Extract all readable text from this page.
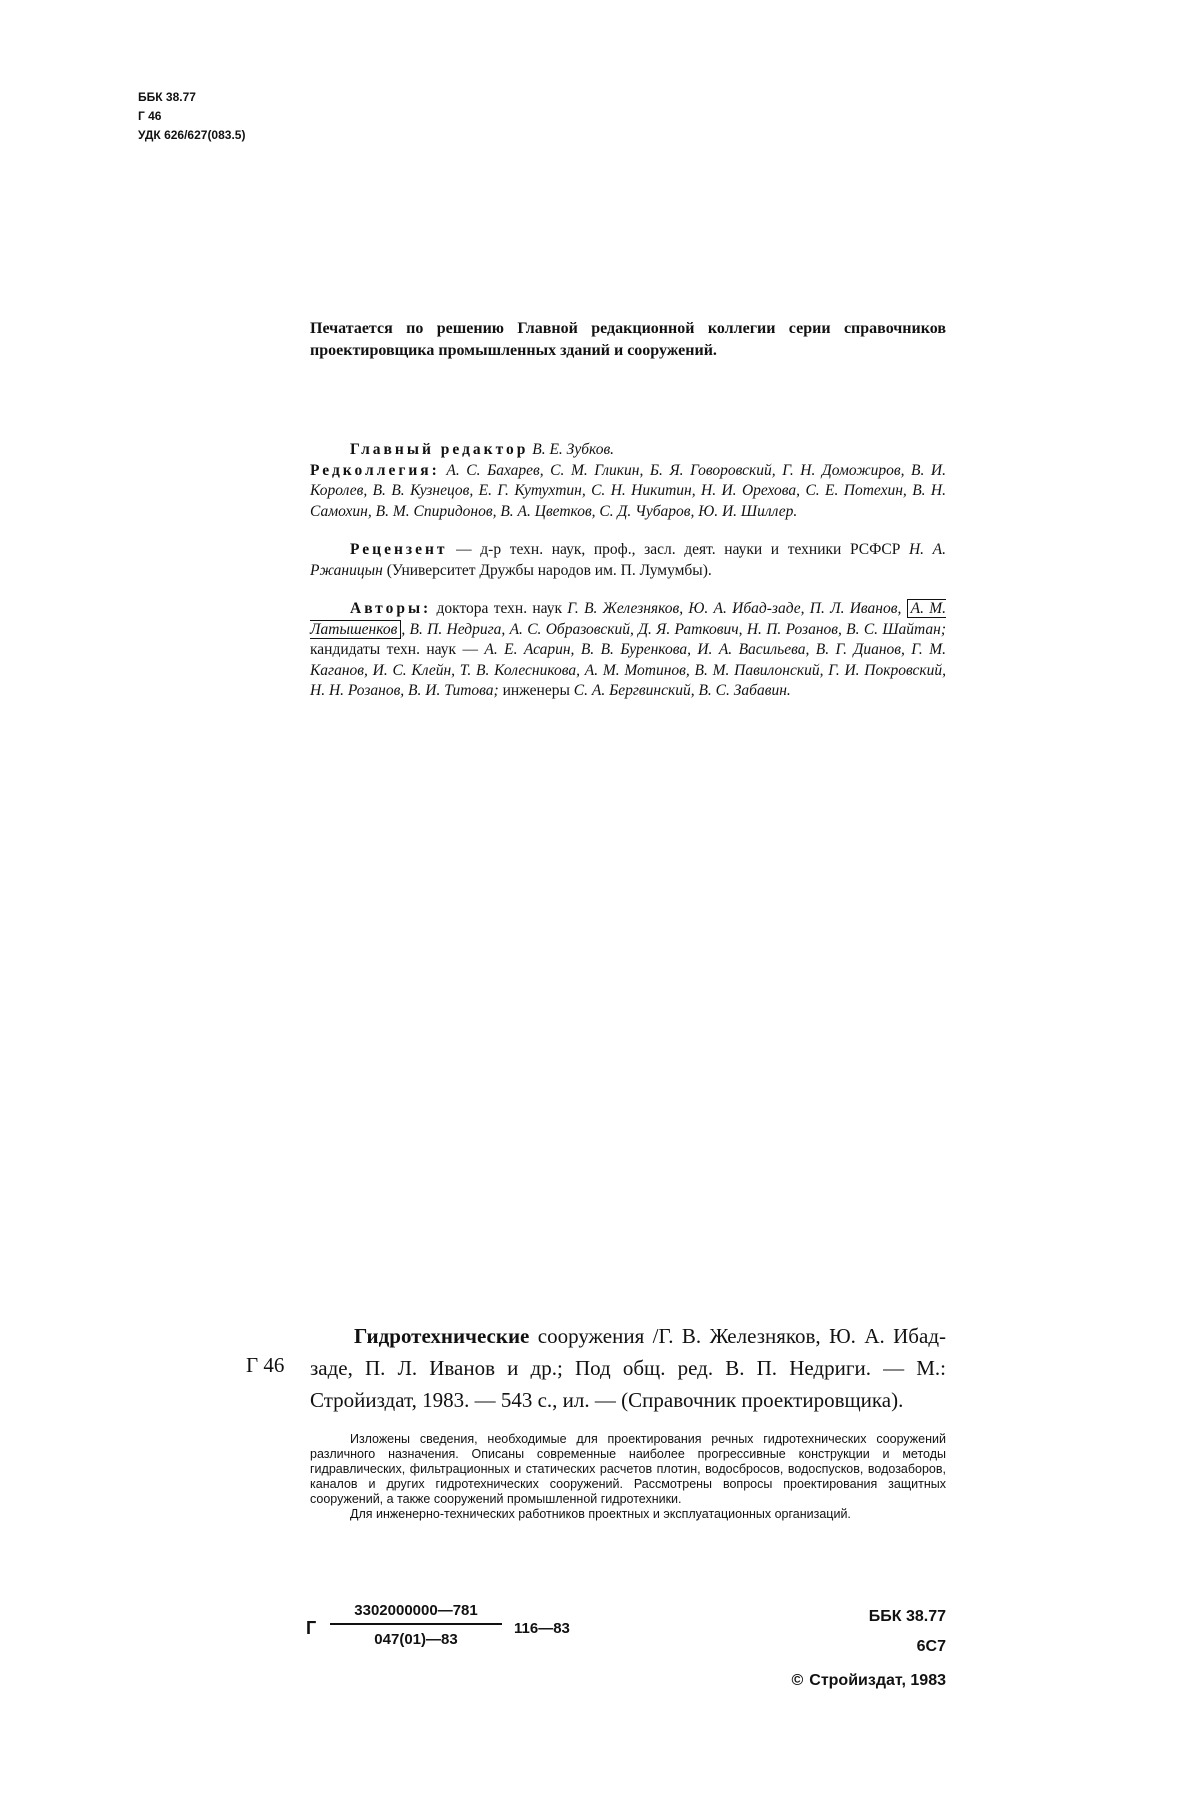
ББК 38.77
Г 46
УДК 626/627(083.5)
Печатается по решению Главной редакционной коллегии серии справочников проектировщика промышленных зданий и сооружений.

Главный редактор В. Е. Зубков.
Редколлегия: А. С. Бахарев, С. М. Гликин, Б. Я. Говоровский, Г. Н. Доможиров, В. И. Королев, В. В. Кузнецов, Е. Г. Кутухтин, С. Н. Никитин, Н. И. Орехова, С. Е. Потехин, В. Н. Самохин, В. М. Спиридонов, В. А. Цветков, С. Д. Чубаров, Ю. И. Шиллер.

Рецензент — д-р техн. наук, проф., засл. деят. науки и техники РСФСР Н. А. Ржаницын (Университет Дружбы народов им. П. Лумумбы).

Авторы: доктора техн. наук Г. В. Железняков, Ю. А. Ибад-заде, П. Л. Иванов, А. М. Латышенков , В. П. Недрига, А. С. Образовский, Д. Я. Раткович, Н. П. Розанов, В. С. Шайтан; кандидаты техн. наук — А. Е. Асарин, В. В. Буренкова, И. А. Васильева, В. Г. Дианов, Г. М. Каганов, И. С. Клейн, Т. В. Колесникова, А. М. Мотинов, В. М. Павилонский, Г. И. Покровский, Н. Н. Розанов, В. И. Титова; инженеры С. А. Бергвинский, В. С. Забавин.

Г 46
Гидротехнические сооружения /Г. В. Железняков, Ю. А. Ибад-заде, П. Л. Иванов и др.; Под общ. ред. В. П. Недриги. — М.: Стройиздат, 1983. — 543 с., ил. — (Справочник проектировщика).

Изложены сведения, необходимые для проектирования речных гидротехнических сооружений различного назначения. Описаны современные наиболее прогрессивные конструкции и методы гидравлических, фильтрационных и статических расчетов плотин, водосбросов, водоспусков, водозаборов, каналов и других гидротехнических сооружений. Рассмотрены вопросы проектирования защитных сооружений, а также сооружений промышленной гидротехники.

Для инженерно-технических работников проектных и эксплуатационных организаций.

Г $\frac{3302000000—781}{047(01)—83}$ 116—83
ББК 38.77
6С7
© Стройиздат, 1983
